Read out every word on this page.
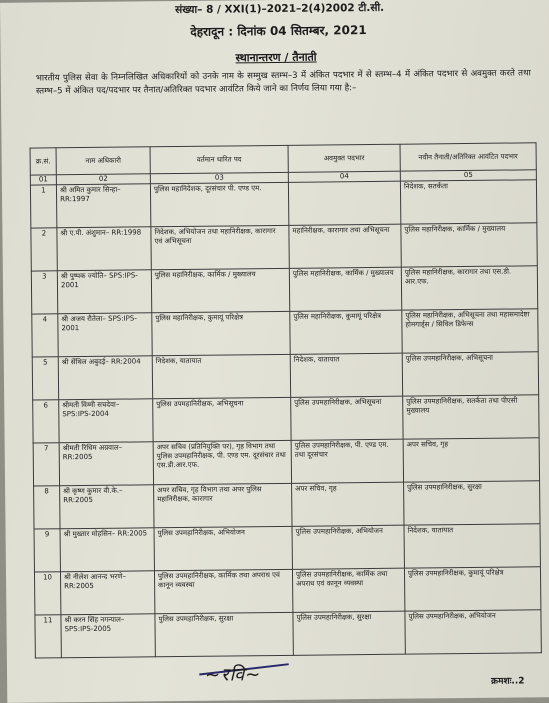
संख्या– 8 / XXI(1)–2021–2(4)2002 टी.सी.
देहरादून : दिनांक 04 सितम्बर, 2021
स्थानान्तरण / तैनाती
भारतीय पुलिस सेवा के निम्नलिखित अधिकारियों को उनके नाम के सम्मुख स्तम्भ–3 में अंकित पदभार में से स्तम्भ–4 में अंकित पदभार से अवमुक्त करते तथा स्तम्भ–5 में अंकित पद/पदभार पर तैनात/अतिरिक्त पदभार आवंटित किये जाने का निर्णय लिया गया है:–
क्र.सं.	नाम अधिकारी	वर्तमान धारित पद	अवमुक्त पदभार	नवीन तैनाती/अतिरिक्त आवंटित पदभार
01	02	03	04	05
1	श्री अमित कुमार सिन्हा– RR:1997	पुलिस महानिदेशक, दूरसंचार पी. एण्ड एम.		निदेशक, सतर्कता
2	श्री ए.पी. अंशुमान– RR:1998	निदेशक, अभियोजन तथा महानिरीक्षक, कारागार एवं अभिसूचना	महानिरीक्षक, कारागार तथा अभिसूचना	पुलिस महानिरीक्षक, कार्मिक / मुख्यालय
3	श्री पुष्पक ज्योति– SPS:IPS-2001	पुलिस महानिरीक्षक, कार्मिक / मुख्यालय	पुलिस महानिरीक्षक, कार्मिक / मुख्यालय	पुलिस महानिरीक्षक, कारागार तथा एस.डी. आर.एफ.
4	श्री अजय रौतेला– SPS:IPS-2001	पुलिस महानिरीक्षक, कुमायूं परिक्षेत्र	पुलिस महानिरीक्षक, कुमायूं परिक्षेत्र	पुलिस महानिरीक्षक, अभिसूचना तथा महासमादेष्टा होमगार्ड्स / सिविल डिफेन्स
5	श्री सेंथिल अबुदई– RR:2004	निदेशक, यातायात	निदेशक, यातायात	पुलिस उपमहानिरीक्षक, अभिसूचना
6	श्रीमती विम्मी सचदेवा– SPS:IPS-2004	पुलिस उपमहानिरीक्षक, अभिसूचना	पुलिस उपमहानिरीक्षक, अभिसूचना	पुलिस उपमहानिरीक्षक, सतर्कता तथा पीएसी मुख्यालय
7	श्रीमती रिधिम अग्रवाल– RR:2005	अपर सचिव (प्रतिनियुक्ति पर), गृह विभाग तथा पुलिस उपमहानिरीक्षक, पी. एण्ड एम. दूरसंचार तथा एस.डी.आर.एफ.	पुलिस उपमहानिरीक्षक, पी. एण्ड एम. तथा दूरसंचार	अपर सचिव, गृह
8	श्री कृष्ण कुमार वी.के.– RR:2005	अपर सचिव, गृह विभाग तथा अपर पुलिस महानिरीक्षक, कारागार	अपर सचिव, गृह	पुलिस उपमहानिरीक्षक, सुरक्षा
9	श्री मुख्तार मोहसिन– RR:2005	पुलिस उपमहानिरीक्षक, अभियोजन	पुलिस उपमहानिरीक्षक, अभियोजन	निदेशक, यातायात
10	श्री नीलेश आनन्द भरणे– RR:2005	पुलिस उपमहानिरीक्षक, कार्मिक तथा अपराध एवं कानून व्यवस्था	पुलिस उपमहानिरीक्षक, कार्मिक तथा अपराध एवं कानून व्यवस्था	पुलिस उपमहानिरीक्षक, कुमायूं परिक्षेत्र
11	श्री करन सिंह नगन्याल– SPS:IPS-2005	पुलिस उपमहानिरीक्षक, सुरक्षा	पुलिस उपमहानिरीक्षक, सुरक्षा	पुलिस उपमहानिरीक्षक, अभियोजन
~रवि~	क्रमशः..2
